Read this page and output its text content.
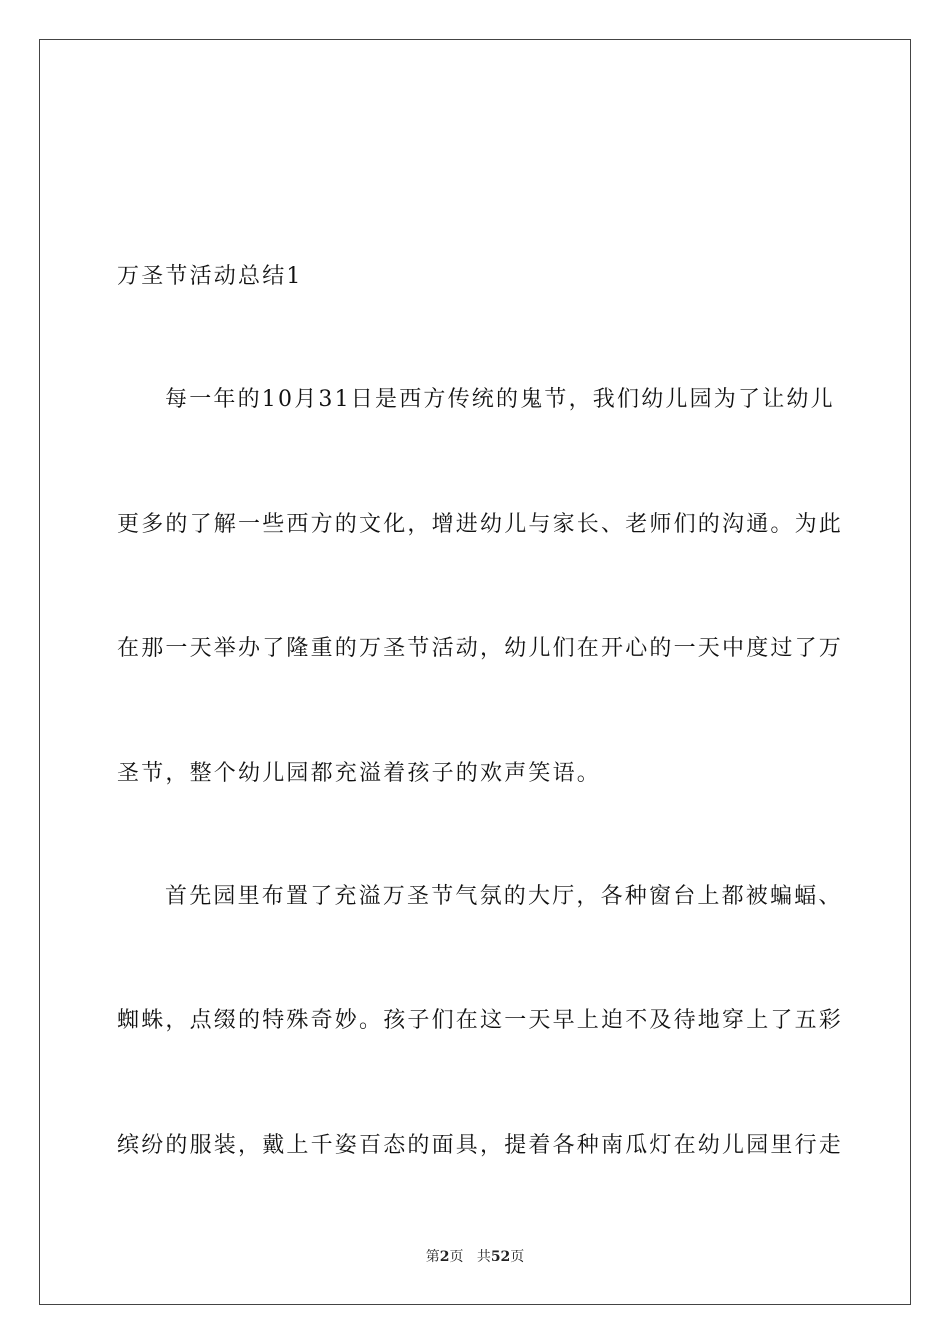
万圣节活动总结1
每一年的10月31日是西方传统的鬼节，我们幼儿园为了让幼儿
更多的了解一些西方的文化，增进幼儿与家长、老师们的沟通。为此
在那一天举办了隆重的万圣节活动，幼儿们在开心的一天中度过了万
圣节，整个幼儿园都充溢着孩子的欢声笑语。
首先园里布置了充溢万圣节气氛的大厅，各种窗台上都被蝙蝠、
蜘蛛，点缀的特殊奇妙。孩子们在这一天早上迫不及待地穿上了五彩
缤纷的服装，戴上千姿百态的面具，提着各种南瓜灯在幼儿园里行走
第2页 共52页
